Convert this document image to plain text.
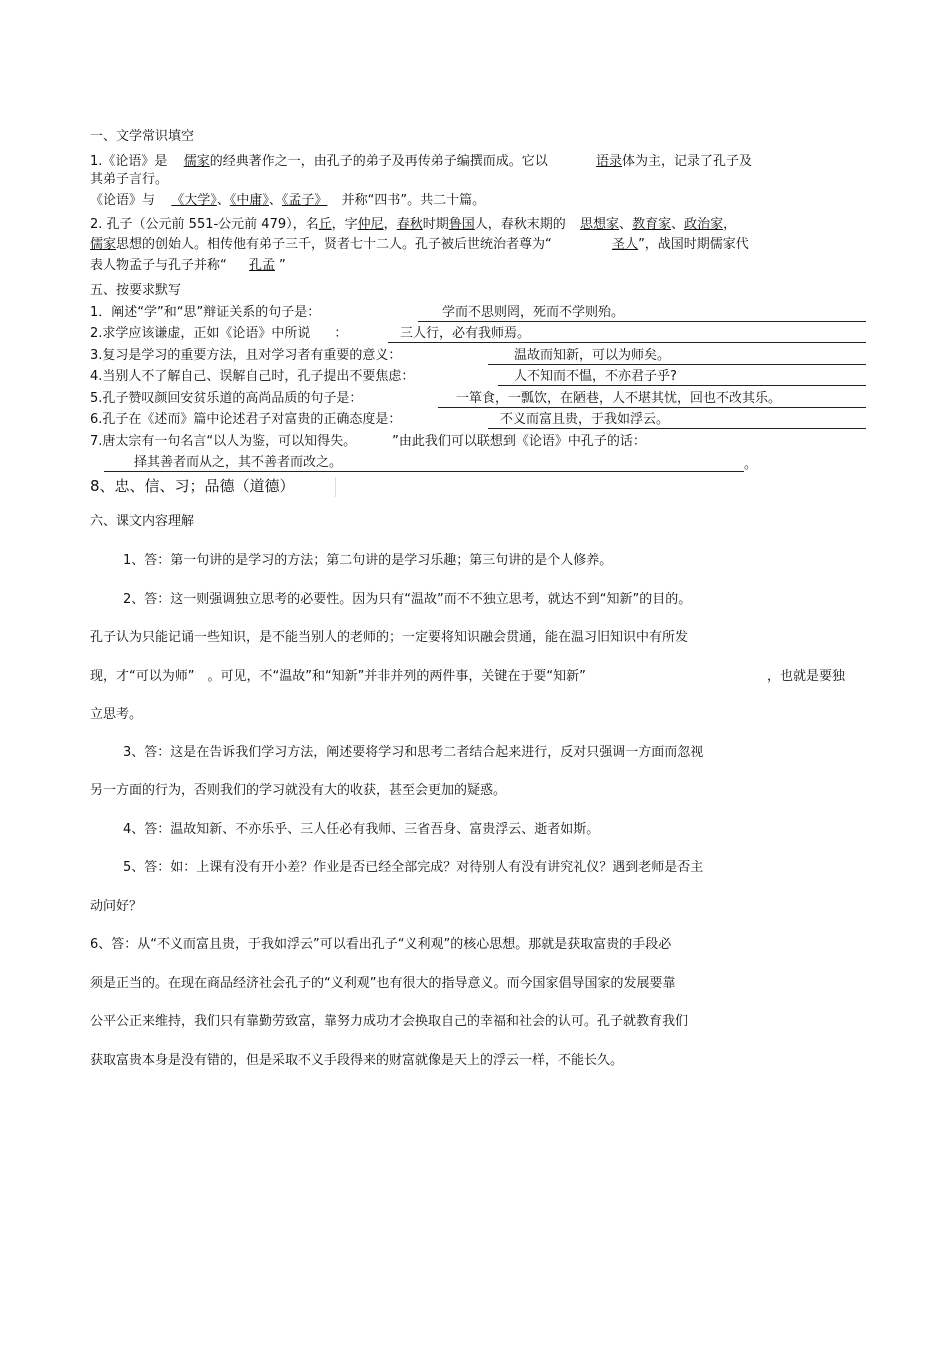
一、文学常识填空
1.《论语》是 儒家的经典著作之一，由孔子的弟子及再传弟子编撰而成。它以	语录体为主，记录了孔子及
其弟子言行。
《论语》与 《大学》、《中庸》、《孟子》 并称“四书”。共二十篇。
2. 孔子（公元前 551-公元前 479），名丘，字仲尼，春秋时期鲁国人，春秋末期的 思想家、教育家、政治家，
儒家思想的创始人。相传他有弟子三千，贤者七十二人。孔子被后世统治者尊为“	圣人”，战国时期儒家代
表人物孟子与孔子并称“ 孔孟 ”
五、按要求默写
1．阐述“学”和“思”辩证关系的句子是：	学而不思则罔，死而不学则殆。
2.求学应该谦虚，正如《论语》中所说 ：	三人行，必有我师焉。
3.复习是学习的重要方法，且对学习者有重要的意义：	温故而知新，可以为师矣。
4.当别人不了解自己、误解自己时，孔子提出不要焦虑：	人不知而不愠，不亦君子乎?
5.孔子赞叹颜回安贫乐道的高尚品质的句子是：	一箪食，一瓢饮，在陋巷，人不堪其忧，回也不改其乐。
6.孔子在《述而》篇中论述君子对富贵的正确态度是：	不义而富且贵，于我如浮云。
7.唐太宗有一句名言“以人为鉴，可以知得失。	”由此我们可以联想到《论语》中孔子的话：
择其善者而从之，其不善者而改之。	。
8、忠、信、习；品德（道德）
六、课文内容理解
1、答：第一句讲的是学习的方法；第二句讲的是学习乐趣；第三句讲的是个人修养。
2、答：这一则强调独立思考的必要性。因为只有“温故”而不不独立思考，就达不到“知新”的目的。
孔子认为只能记诵一些知识，是不能当别人的老师的；一定要将知识融会贯通，能在温习旧知识中有所发
现，才“可以为师”　。可见，不“温故”和“知新”并非并列的两件事，关键在于要“知新”	，也就是要独
立思考。
3、答：这是在告诉我们学习方法，阐述要将学习和思考二者结合起来进行，反对只强调一方面而忽视
另一方面的行为，否则我们的学习就没有大的收获，甚至会更加的疑惑。
4、答：温故知新、不亦乐乎、三人任必有我师、三省吾身、富贵浮云、逝者如斯。
5、答：如：上课有没有开小差？作业是否已经全部完成？对待别人有没有讲究礼仪？遇到老师是否主
动问好？
6、答：从“不义而富且贵，于我如浮云”可以看出孔子“义利观”的核心思想。那就是获取富贵的手段必
须是正当的。在现在商品经济社会孔子的“义利观”也有很大的指导意义。而今国家倡导国家的发展要靠
公平公正来维持，我们只有靠勤劳致富，靠努力成功才会换取自己的幸福和社会的认可。孔子就教育我们
获取富贵本身是没有错的，但是采取不义手段得来的财富就像是天上的浮云一样，不能长久。
